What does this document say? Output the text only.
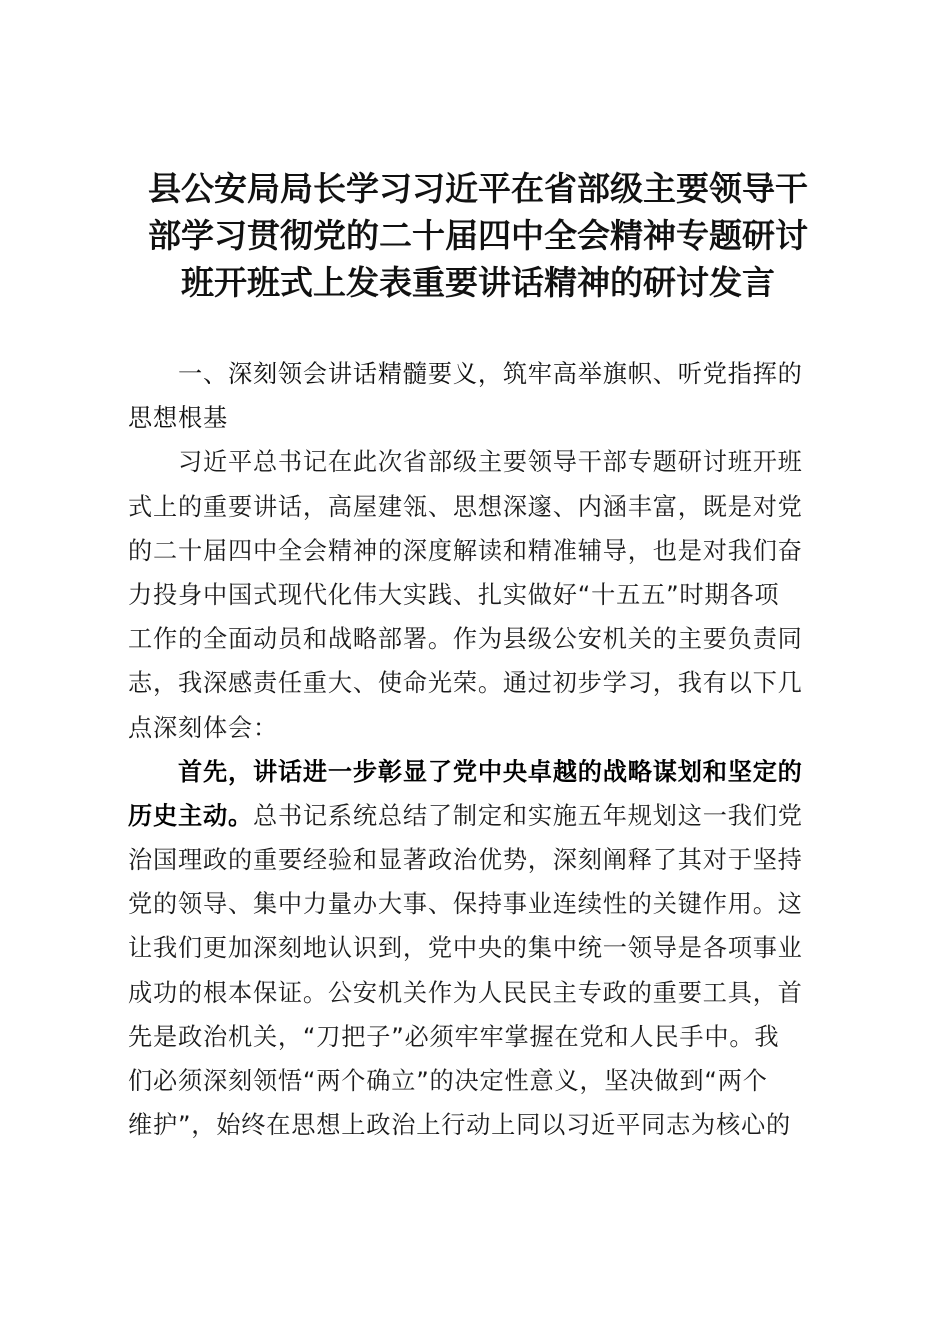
县公安局局长学习习近平在省部级主要领导干
部学习贯彻党的二十届四中全会精神专题研讨
班开班式上发表重要讲话精神的研讨发言
　　一、深刻领会讲话精髓要义，筑牢高举旗帜、听党指挥的
思想根基
　　习近平总书记在此次省部级主要领导干部专题研讨班开班
式上的重要讲话，高屋建瓴、思想深邃、内涵丰富，既是对党
的二十届四中全会精神的深度解读和精准辅导，也是对我们奋
力投身中国式现代化伟大实践、扎实做好“十五五”时期各项
工作的全面动员和战略部署。作为县级公安机关的主要负责同
志，我深感责任重大、使命光荣。通过初步学习，我有以下几
点深刻体会：
　　首先，讲话进一步彰显了党中央卓越的战略谋划和坚定的
历史主动。总书记系统总结了制定和实施五年规划这一我们党
治国理政的重要经验和显著政治优势，深刻阐释了其对于坚持
党的领导、集中力量办大事、保持事业连续性的关键作用。这
让我们更加深刻地认识到，党中央的集中统一领导是各项事业
成功的根本保证。公安机关作为人民民主专政的重要工具，首
先是政治机关，“刀把子”必须牢牢掌握在党和人民手中。我
们必须深刻领悟“两个确立”的决定性意义，坚决做到“两个
维护”，始终在思想上政治上行动上同以习近平同志为核心的
